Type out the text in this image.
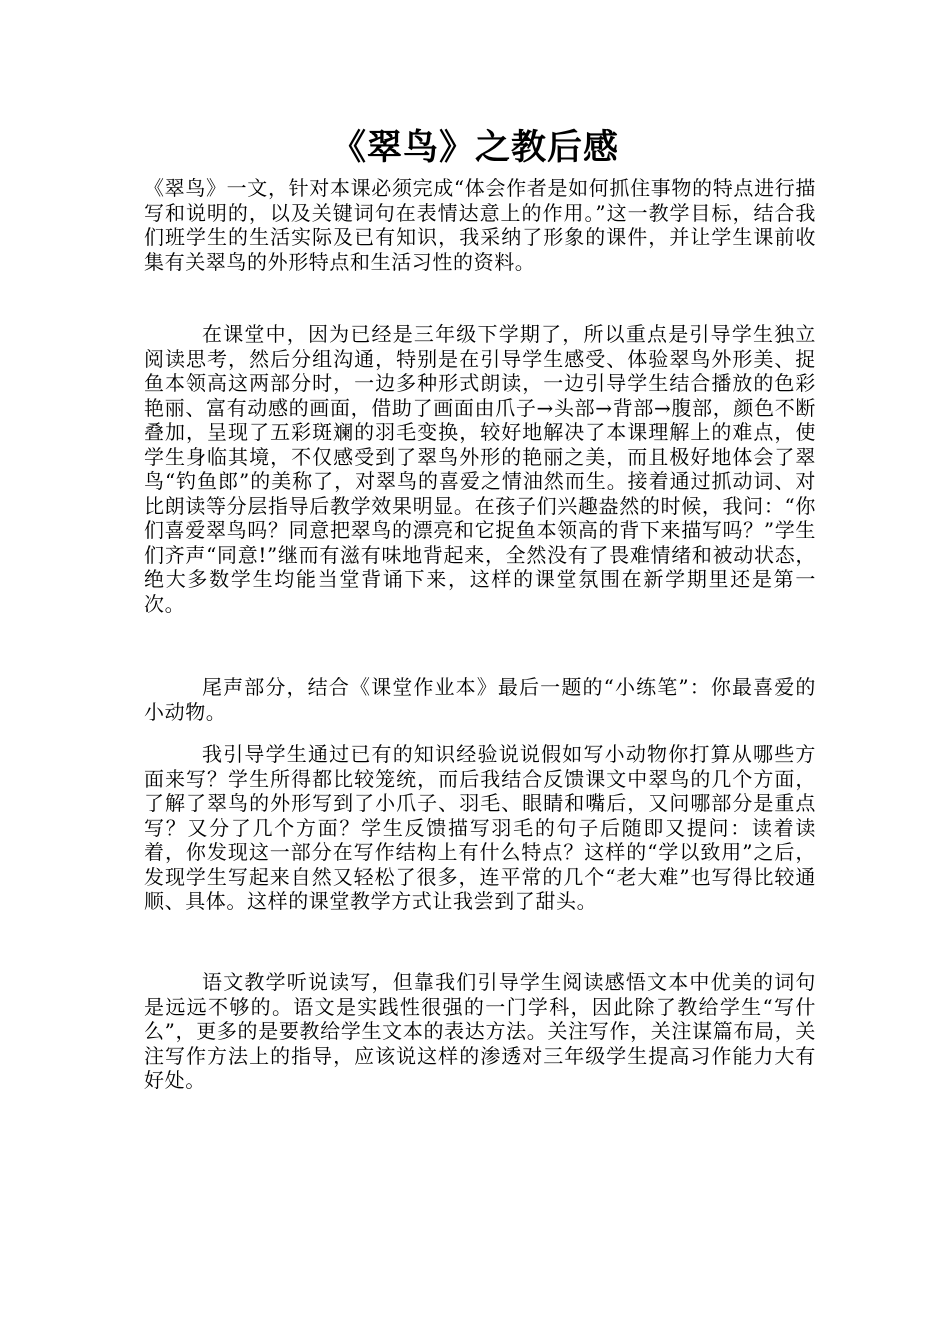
《翠鸟》之教后感

《翠鸟》一文，针对本课必须完成“体会作者是如何抓住事物的特点进行描写和说明的，以及关键词句在表情达意上的作用。”这一教学目标，结合我们班学生的生活实际及已有知识，我采纳了形象的课件，并让学生课前收集有关翠鸟的外形特点和生活习性的资料。

在课堂中，因为已经是三年级下学期了，所以重点是引导学生独立阅读思考，然后分组沟通，特别是在引导学生感受、体验翠鸟外形美、捉鱼本领高这两部分时，一边多种形式朗读，一边引导学生结合播放的色彩艳丽、富有动感的画面，借助了画面由爪子→头部→背部→腹部，颜色不断叠加，呈现了五彩斑斓的羽毛变换，较好地解决了本课理解上的难点，使学生身临其境，不仅感受到了翠鸟外形的艳丽之美，而且极好地体会了翠鸟“钓鱼郎”的美称了，对翠鸟的喜爱之情油然而生。接着通过抓动词、对比朗读等分层指导后教学效果明显。在孩子们兴趣盎然的时候，我问：“你们喜爱翠鸟吗？同意把翠鸟的漂亮和它捉鱼本领高的背下来描写吗？”学生们齐声“同意!”继而有滋有味地背起来，全然没有了畏难情绪和被动状态，绝大多数学生均能当堂背诵下来，这样的课堂氛围在新学期里还是第一次。

尾声部分，结合《课堂作业本》最后一题的“小练笔”：你最喜爱的小动物。

我引导学生通过已有的知识经验说说假如写小动物你打算从哪些方面来写？学生所得都比较笼统，而后我结合反馈课文中翠鸟的几个方面，了解了翠鸟的外形写到了小爪子、羽毛、眼睛和嘴后，又问哪部分是重点写？又分了几个方面？学生反馈描写羽毛的句子后随即又提问：读着读着，你发现这一部分在写作结构上有什么特点？这样的“学以致用”之后，发现学生写起来自然又轻松了很多，连平常的几个“老大难”也写得比较通顺、具体。这样的课堂教学方式让我尝到了甜头。

语文教学听说读写，但靠我们引导学生阅读感悟文本中优美的词句是远远不够的。语文是实践性很强的一门学科，因此除了教给学生“写什么”，更多的是要教给学生文本的表达方法。关注写作，关注谋篇布局，关注写作方法上的指导，应该说这样的渗透对三年级学生提高习作能力大有好处。
